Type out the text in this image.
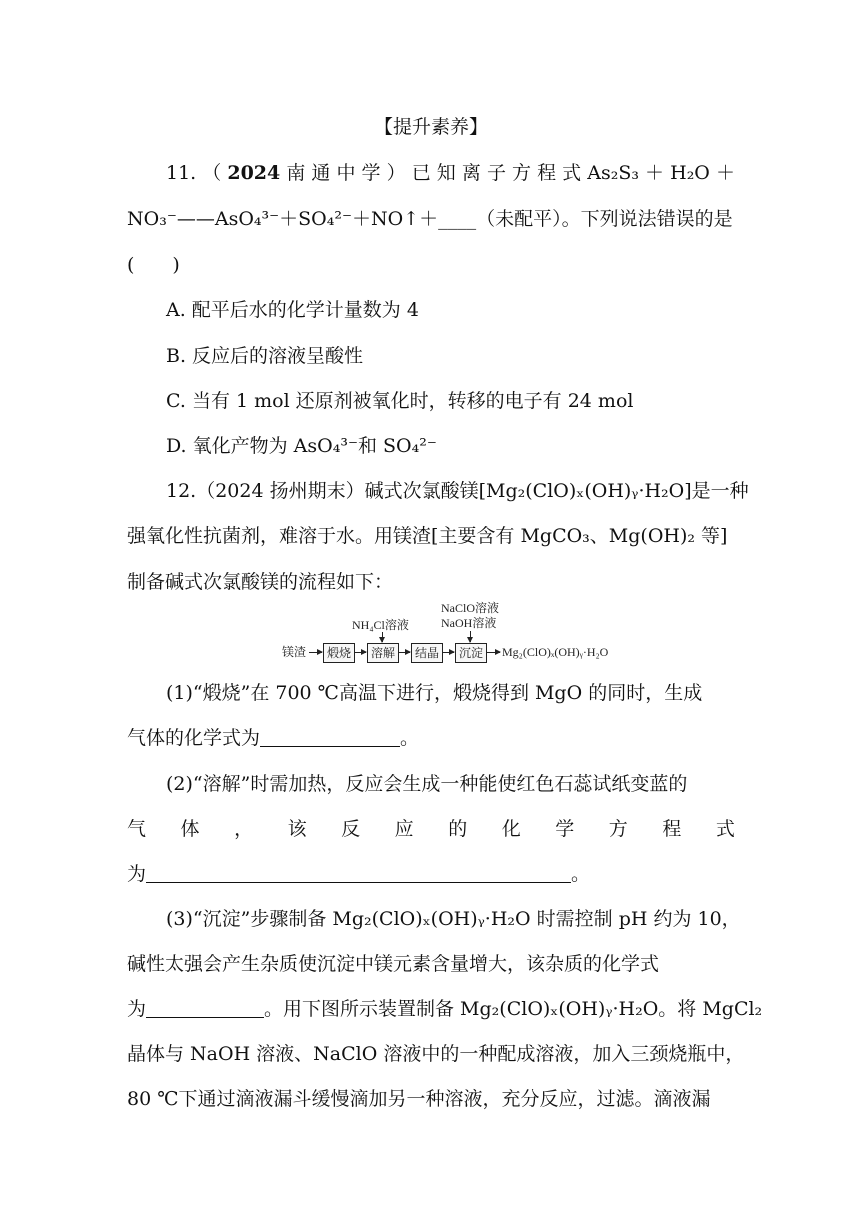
【提升素养】
11. （ 2024 南 通 中 学 ） 已 知 离 子 方 程 式 As₂S₃ ＋ H₂O ＋
NO₃⁻——AsO₄³⁻＋SO₄²⁻＋NO↑＋____（未配平）。下列说法错误的是
(　　)
A. 配平后水的化学计量数为 4
B. 反应后的溶液呈酸性
C. 当有 1 mol 还原剂被氧化时，转移的电子有 24 mol
D. 氧化产物为 AsO₄³⁻和 SO₄²⁻
12.（2024 扬州期末）碱式次氯酸镁[Mg₂(ClO)ₓ(OH)ᵧ·H₂O]是一种
强氧化性抗菌剂，难溶于水。用镁渣[主要含有 MgCO₃、Mg(OH)₂ 等]
制备碱式次氯酸镁的流程如下：
镁渣	煅烧	溶解	结晶	沉淀	Mg₂(ClO)ₓ(OH)ᵧ·H₂O
NH₄Cl溶液
NaClO溶液
NaOH溶液
(1)“煅烧”在 700 ℃高温下进行，煅烧得到 MgO 的同时，生成
气体的化学式为	。
(2)“溶解”时需加热，反应会生成一种能使红色石蕊试纸变蓝的
气 体 ， 该 反 应 的 化 学 方 程 式
为	。
(3)“沉淀”步骤制备 Mg₂(ClO)ₓ(OH)ᵧ·H₂O 时需控制 pH 约为 10，
碱性太强会产生杂质使沉淀中镁元素含量增大，该杂质的化学式
为	。用下图所示装置制备 Mg₂(ClO)ₓ(OH)ᵧ·H₂O。将 MgCl₂
晶体与 NaOH 溶液、NaClO 溶液中的一种配成溶液，加入三颈烧瓶中，
80 ℃下通过滴液漏斗缓慢滴加另一种溶液，充分反应，过滤。滴液漏
